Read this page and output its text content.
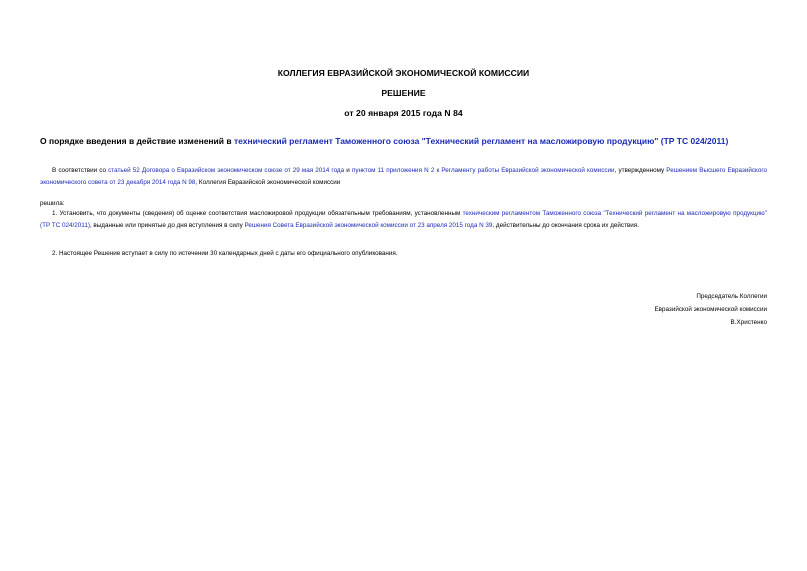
КОЛЛЕГИЯ ЕВРАЗИЙСКОЙ ЭКОНОМИЧЕСКОЙ КОМИССИИ
РЕШЕНИЕ
от 20 января 2015 года N 84
О порядке введения в действие изменений в технический регламент Таможенного союза "Технический регламент на масложировую продукцию" (ТР ТС 024/2011)
В соответствии со статьей 52 Договора о Евразийском экономическом союзе от 29 мая 2014 года и пунктом 11 приложения N 2 к Регламенту работы Евразийской экономической комиссии, утвержденному Решением Высшего Евразийского экономического совета от 23 декабря 2014 года N 98, Коллегия Евразийской экономической комиссии
решила:
1. Установить, что документы (сведения) об оценке соответствия масложировой продукции обязательным требованиям, установленным техническим регламентом Таможенного союза "Технический регламент на масложировую продукцию" (ТР ТС 024/2011), выданные или принятые до дня вступления в силу Решения Совета Евразийской экономической комиссии от 23 апреля 2015 года N 39, действительны до окончания срока их действия.
2. Настоящее Решение вступает в силу по истечении 30 календарных дней с даты его официального опубликования.
Председатель Коллегии
Евразийской экономической комиссии
В.Христенко
